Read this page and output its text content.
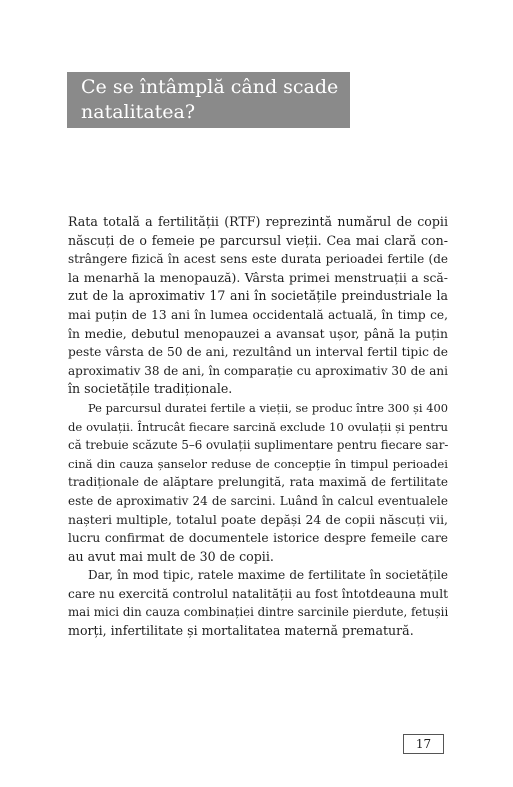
Ce se întâmplă când scade
natalitatea?
Rata totală a fertilității (RTF) reprezintă numărul de copii
născuți de o femeie pe parcursul vieții. Cea mai clară con-
strângere fizică în acest sens este durata perioadei fertile (de
la menarhă la menopauză). Vârsta primei menstruații a scă-
zut de la aproximativ 17 ani în societățile preindustriale la
mai puțin de 13 ani în lumea occidentală actuală, în timp ce,
în medie, debutul menopauzei a avansat ușor, până la puțin
peste vârsta de 50 de ani, rezultând un interval fertil tipic de
aproximativ 38 de ani, în comparație cu aproximativ 30 de ani
în societățile tradiționale.
Pe parcursul duratei fertile a vieții, se produc între 300 și 400
de ovulații. Întrucât fiecare sarcină exclude 10 ovulații și pentru
că trebuie scăzute 5–6 ovulații suplimentare pentru fiecare sar-
cină din cauza șanselor reduse de concepție în timpul perioadei
tradiționale de alăptare prelungită, rata maximă de fertilitate
este de aproximativ 24 de sarcini. Luând în calcul eventualele
nașteri multiple, totalul poate depăși 24 de copii născuți vii,
lucru confirmat de documentele istorice despre femeile care
au avut mai mult de 30 de copii.
Dar, în mod tipic, ratele maxime de fertilitate în societățile
care nu exercită controlul natalității au fost întotdeauna mult
mai mici din cauza combinației dintre sarcinile pierdute, fetușii
morți, infertilitate și mortalitatea maternă prematură.
17
